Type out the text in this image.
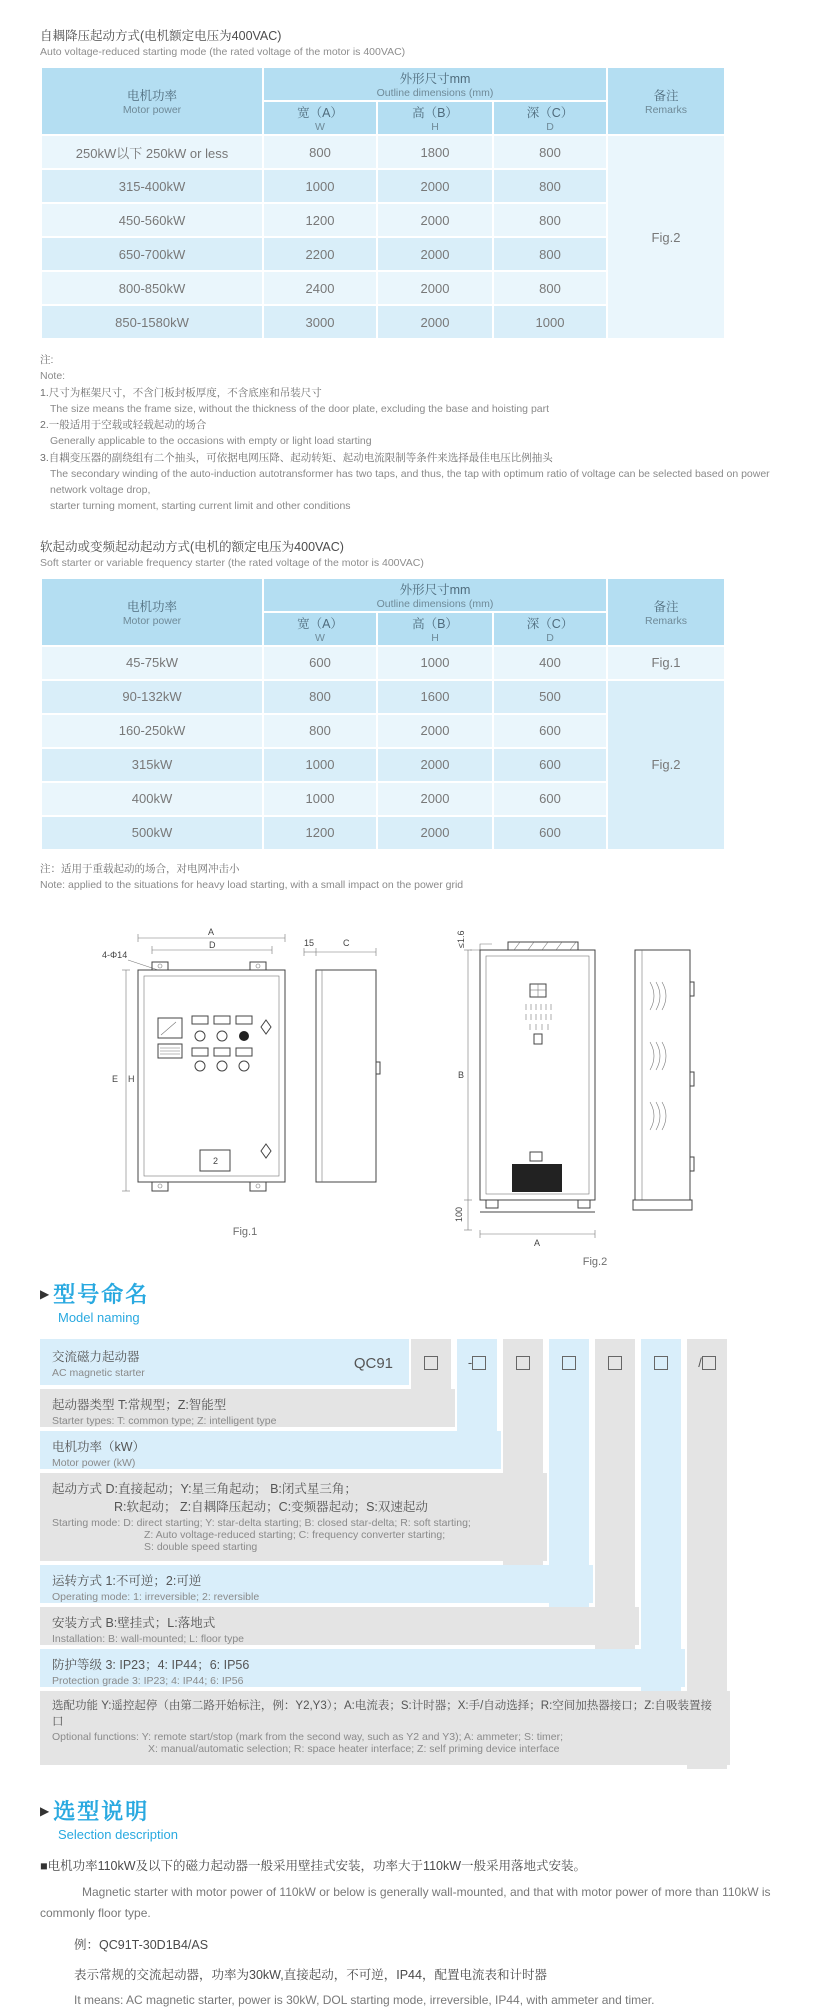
自耦降压起动方式(电机额定电压为400VAC)
Auto voltage-reduced starting mode (the rated voltage of the motor is 400VAC)
电机功率
Motor power

外形尺寸mm
Outline dimensions (mm)	备注
Remarks

宽（A）
W

高（B）
H

深（C）
D

250kW以下 250kW or less	800	1800	800	Fig.2
315-400kW	1000	2000	800	
450-560kW	1200	2000	800	
650-700kW	2200	2000	800	
800-850kW	2400	2000	800	
850-1580kW	3000	2000	1000	
注:
Note:
1.尺寸为框架尺寸，不含门板封板厚度，不含底座和吊装尺寸
The size means the frame size, without the thickness of the door plate, excluding the base and hoisting part
2.一般适用于空载或轻载起动的场合
Generally applicable to the occasions with empty or light load starting
3.自耦变压器的副绕组有二个抽头，可依据电网压降、起动转矩、起动电流限制等条件来选择最佳电压比例抽头
The secondary winding of the auto-induction autotransformer has two taps, and thus, the tap with optimum ratio of voltage can be selected based on power network voltage drop,
starter turning moment, starting current limit and other conditions
软起动或变频起动起动方式(电机的额定电压为400VAC)
Soft starter or variable frequency starter (the rated voltage of the motor is 400VAC)
电机功率
Motor power

外形尺寸mm
Outline dimensions (mm)	备注
Remarks

宽（A）
W

高（B）
H

深（C）
D

45-75kW	600	1000	400	Fig.1
90-132kW	800	1600	500	Fig.2
160-250kW	800	2000	600	
315kW	1000	2000	600	
400kW	1000	2000	600	
500kW	1200	2000	600	
注：适用于重载起动的场合，对电网冲击小
Note: applied to the situations for heavy load starting, with a small impact on the power grid
A
D
4-Φ14
E H
2
15	C
Fig.1
≤1.6
B
100
A
Fig.2
▶ 型号命名
Model naming
-	/
交流磁力起动器
AC magnetic starter
QC91
起动器类型 T:常规型；Z:智能型
Starter types: T: common type; Z: intelligent type
电机功率（kW）
Motor power (kW)
起动方式 D:直接起动；Y:星三角起动； B:闭式星三角；
R:软起动； Z:自耦降压起动；C:变频器起动；S:双速起动
Starting mode: D: direct starting; Y: star-delta starting; B: closed star-delta; R: soft starting;
Z: Auto voltage-reduced starting; C: frequency converter starting;
S: double speed starting
运转方式 1:不可逆；2:可逆
Operating mode: 1: irreversible; 2: reversible
安装方式 B:壁挂式；L:落地式
Installation: B: wall-mounted; L: floor type
防护等级 3: IP23；4: IP44；6: IP56
Protection grade 3: IP23; 4: IP44; 6: IP56
选配功能 Y:遥控起停（由第二路开始标注，例：Y2,Y3）；A:电流表；S:计时器；X:手/自动选择；R:空间加热器接口；Z:自吸装置接口
Optional functions: Y: remote start/stop (mark from the second way, such as Y2 and Y3); A: ammeter; S: timer;
X: manual/automatic selection; R: space heater interface; Z: self priming device interface
▶ 选型说明
Selection description
■电机功率110kW及以下的磁力起动器一般采用壁挂式安装，功率大于110kW一般采用落地式安装。
Magnetic starter with motor power of 110kW or below is generally wall-mounted, and that with motor power of more than 110kW is commonly floor type.
例：QC91T-30D1B4/AS
表示常规的交流起动器，功率为30kW,直接起动，不可逆，IP44，配置电流表和计时器
It means: AC magnetic starter, power is 30kW, DOL starting mode, irreversible, IP44, with ammeter and timer.
